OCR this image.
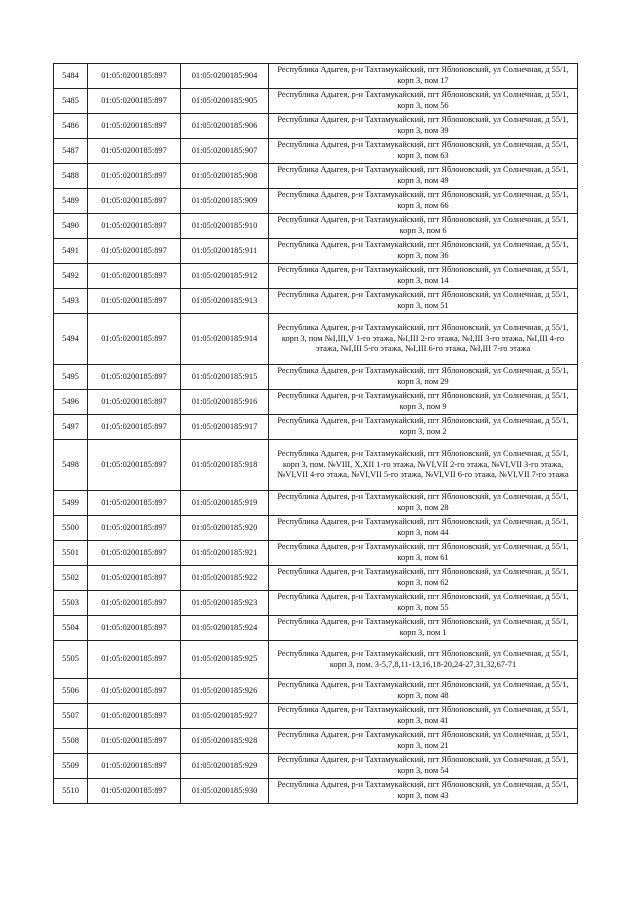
5484	01:05:0200185:897	01:05:0200185:904	Республика Адыгея, р-н Тахтамукайский, пгт Яблоновский, ул Солнечная, д 55/1, корп 3, пом 17
5485	01:05:0200185:897	01:05:0200185:905	Республика Адыгея, р-н Тахтамукайский, пгт Яблоновский, ул Солнечная, д 55/1, корп 3, пом 56
5486	01:05:0200185:897	01:05:0200185:906	Республика Адыгея, р-н Тахтамукайский, пгт Яблоновский, ул Солнечная, д 55/1, корп 3, пом 39
5487	01:05:0200185:897	01:05:0200185:907	Республика Адыгея, р-н Тахтамукайский, пгт Яблоновский, ул Солнечная, д 55/1, корп 3, пом 63
5488	01:05:0200185:897	01:05:0200185:908	Республика Адыгея, р-н Тахтамукайский, пгт Яблоновский, ул Солнечная, д 55/1, корп 3, пом 49
5489	01:05:0200185:897	01:05:0200185:909	Республика Адыгея, р-н Тахтамукайский, пгт Яблоновский, ул Солнечная, д 55/1, корп 3, пом 66
5490	01:05:0200185:897	01:05:0200185:910	Республика Адыгея, р-н Тахтамукайский, пгт Яблоновский, ул Солнечная, д 55/1, корп 3, пом 6
5491	01:05:0200185:897	01:05:0200185:911	Республика Адыгея, р-н Тахтамукайский, пгт Яблоновский, ул Солнечная, д 55/1, корп 3, пом 36
5492	01:05:0200185:897	01:05:0200185:912	Республика Адыгея, р-н Тахтамукайский, пгт Яблоновский, ул Солнечная, д 55/1, корп 3, пом 14
5493	01:05:0200185:897	01:05:0200185:913	Республика Адыгея, р-н Тахтамукайский, пгт Яблоновский, ул Солнечная, д 55/1, корп 3, пом 51
5494	01:05:0200185:897	01:05:0200185:914	Республика Адыгея, р-н Тахтамукайский, пгт Яблоновский, ул Солнечная, д 55/1, корп 3, пом №I,III,V 1-го этажа, №I,III 2-го этажа, №I,III 3-го этажа, №I,III 4-го этажа, №I,III 5-го этажа, №I,III 6-го этажа, №I,III 7-го этажа
5495	01:05:0200185:897	01:05:0200185:915	Республика Адыгея, р-н Тахтамукайский, пгт Яблоновский, ул Солнечная, д 55/1, корп 3, пом 29
5496	01:05:0200185:897	01:05:0200185:916	Республика Адыгея, р-н Тахтамукайский, пгт Яблоновский, ул Солнечная, д 55/1, корп 3, пом 9
5497	01:05:0200185:897	01:05:0200185:917	Республика Адыгея, р-н Тахтамукайский, пгт Яблоновский, ул Солнечная, д 55/1, корп 3, пом 2
5498	01:05:0200185:897	01:05:0200185:918	Республика Адыгея, р-н Тахтамукайский, пгт Яблоновский, ул Солнечная, д 55/1, корп 3, пом. №VIII, X,XII 1-го этажа, №VI,VII 2-го этажа, №VI,VII 3-го этажа, №VI,VII 4-го этажа, №VI,VII 5-го этажа, №VI,VII 6-го этажа, №VI,VII 7-го этажа
5499	01:05:0200185:897	01:05:0200185:919	Республика Адыгея, р-н Тахтамукайский, пгт Яблоновский, ул Солнечная, д 55/1, корп 3, пом 28
5500	01:05:0200185:897	01:05:0200185:920	Республика Адыгея, р-н Тахтамукайский, пгт Яблоновский, ул Солнечная, д 55/1, корп 3, пом 44
5501	01:05:0200185:897	01:05:0200185:921	Республика Адыгея, р-н Тахтамукайский, пгт Яблоновский, ул Солнечная, д 55/1, корп 3, пом 61
5502	01:05:0200185:897	01:05:0200185:922	Республика Адыгея, р-н Тахтамукайский, пгт Яблоновский, ул Солнечная, д 55/1, корп 3, пом 62
5503	01:05:0200185:897	01:05:0200185:923	Республика Адыгея, р-н Тахтамукайский, пгт Яблоновский, ул Солнечная, д 55/1, корп 3, пом 55
5504	01:05:0200185:897	01:05:0200185:924	Республика Адыгея, р-н Тахтамукайский, пгт Яблоновский, ул Солнечная, д 55/1, корп 3, пом 1
5505	01:05:0200185:897	01:05:0200185:925	Республика Адыгея, р-н Тахтамукайский, пгт Яблоновский, ул Солнечная, д 55/1, корп 3, пом. 3-5,7,8,11-13,16,18-20,24-27,31,32,67-71
5506	01:05:0200185:897	01:05:0200185:926	Республика Адыгея, р-н Тахтамукайский, пгт Яблоновский, ул Солнечная, д 55/1, корп 3, пом 48
5507	01:05:0200185:897	01:05:0200185:927	Республика Адыгея, р-н Тахтамукайский, пгт Яблоновский, ул Солнечная, д 55/1, корп 3, пом 41
5508	01:05:0200185:897	01:05:0200185:928	Республика Адыгея, р-н Тахтамукайский, пгт Яблоновский, ул Солнечная, д 55/1, корп 3, пом 21
5509	01:05:0200185:897	01:05:0200185:929	Республика Адыгея, р-н Тахтамукайский, пгт Яблоновский, ул Солнечная, д 55/1, корп 3, пом 54
5510	01:05:0200185:897	01:05:0200185:930	Республика Адыгея, р-н Тахтамукайский, пгт Яблоновский, ул Солнечная, д 55/1, корп 3, пом 43
